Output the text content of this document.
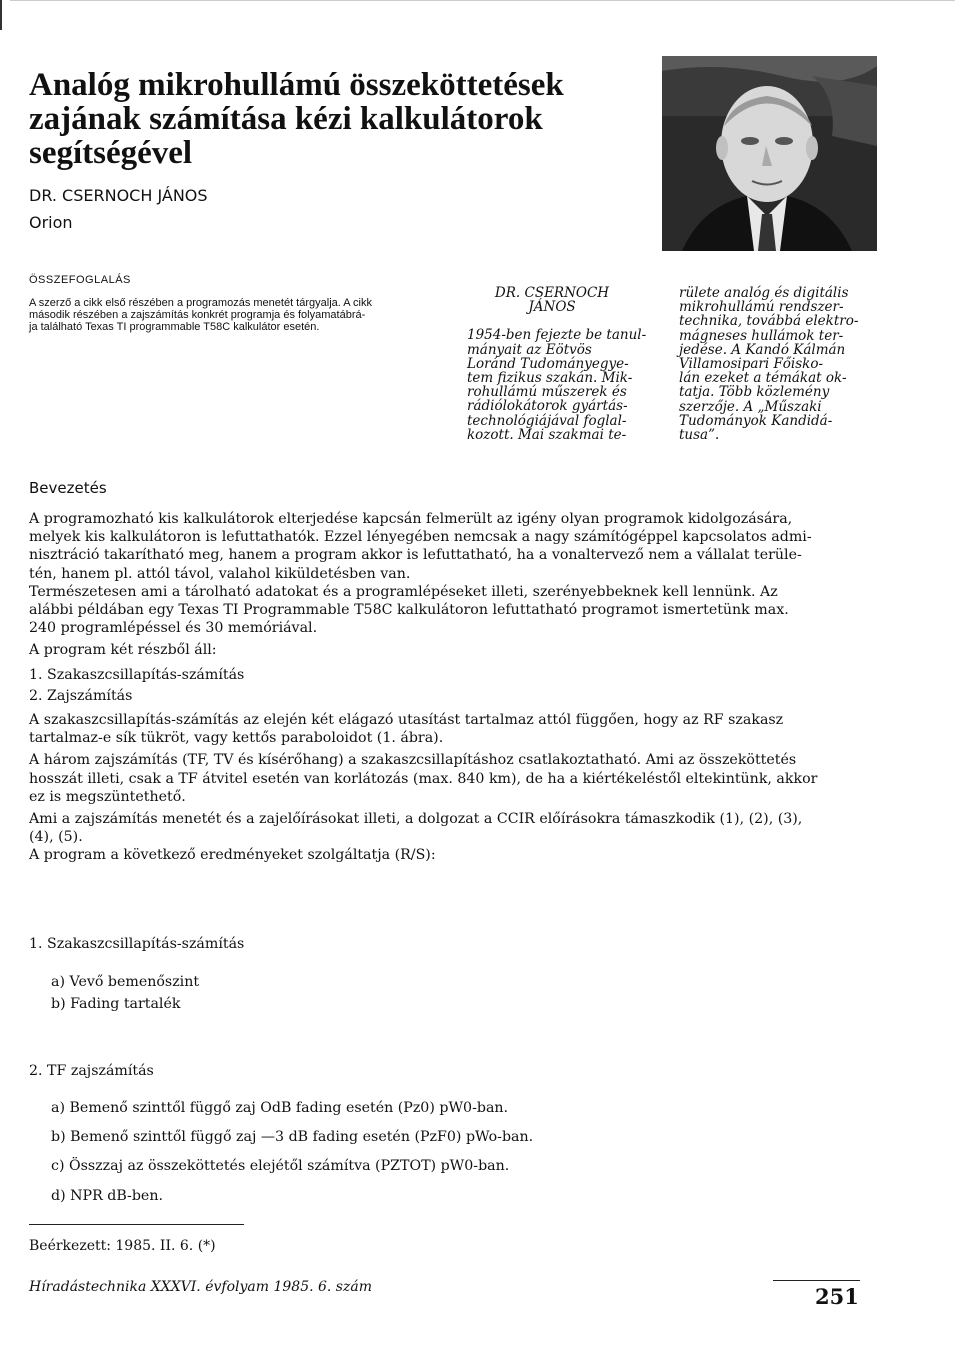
Analóg mikrohullámú összeköttetések
zajának számítása kézi kalkulátorok
segítségével
DR. CSERNOCH JÁNOS
Orion
ÖSSZEFOGLALÁS
A szerző a cikk első részében a programozás menetét tárgyalja. A cikk
második részében a zajszámítás konkrét programja és folyamatábrá-
ja található Texas TI programmable T58C kalkulátor esetén.
DR. CSERNOCH
JÁNOS
1954-ben fejezte be tanul-
mányait az Eötvös
Loránd Tudományegye-
tem fizikus szakán. Mik-
rohullámú műszerek és
rádiólokátorok gyártás-
technológiájával foglal-
kozott. Mai szakmai te-
rülete analóg és digitális
mikrohullámú rendszer-
technika, továbbá elektro-
mágneses hullámok ter-
jedése. A Kandó Kálmán
Villamosipari Főisko-
lán ezeket a témákat ok-
tatja. Több közlemény
szerzője. A „Műszaki
Tudományok Kandidá-
tusa”.
Bevezetés
A programozható kis kalkulátorok elterjedése kapcsán felmerült az igény olyan programok kidolgozására,
melyek kis kalkulátoron is lefuttathatók. Ezzel lényegében nemcsak a nagy számítógéppel kapcsolatos admi-
nisztráció takarítható meg, hanem a program akkor is lefuttatható, ha a vonaltervező nem a vállalat terüle-
tén, hanem pl. attól távol, valahol kiküldetésben van.
Természetesen ami a tárolható adatokat és a programlépéseket illeti, szerényebbeknek kell lennünk. Az
alábbi példában egy Texas TI Programmable T58C kalkulátoron lefuttatható programot ismertetünk max.
240 programlépéssel és 30 memóriával.
A program két részből áll:
1. Szakaszcsillapítás-számítás
2. Zajszámítás
A szakaszcsillapítás-számítás az elején két elágazó utasítást tartalmaz attól függően, hogy az RF szakasz
tartalmaz-e sík tükröt, vagy kettős paraboloidot (1. ábra).
A három zajszámítás (TF, TV és kísérőhang) a szakaszcsillapításhoz csatlakoztatható. Ami az összeköttetés
hosszát illeti, csak a TF átvitel esetén van korlátozás (max. 840 km), de ha a kiértékeléstől eltekintünk, akkor
ez is megszüntethető.
Ami a zajszámítás menetét és a zajelőírásokat illeti, a dolgozat a CCIR előírásokra támaszkodik (1), (2), (3),
(4), (5).
A program a következő eredményeket szolgáltatja (R/S):
1. Szakaszcsillapítás-számítás
a) Vevő bemenőszint
b) Fading tartalék
2. TF zajszámítás
a) Bemenő szinttől függő zaj OdB fading esetén (Pz0) pW0-ban.
b) Bemenő szinttől függő zaj —3 dB fading esetén (PzF0) pWo-ban.
c) Összzaj az összeköttetés elejétől számítva (PZTOT) pW0-ban.
d) NPR dB-ben.
Beérkezett: 1985. II. 6. (*)
Híradástechnika XXXVI. évfolyam 1985. 6. szám	251
